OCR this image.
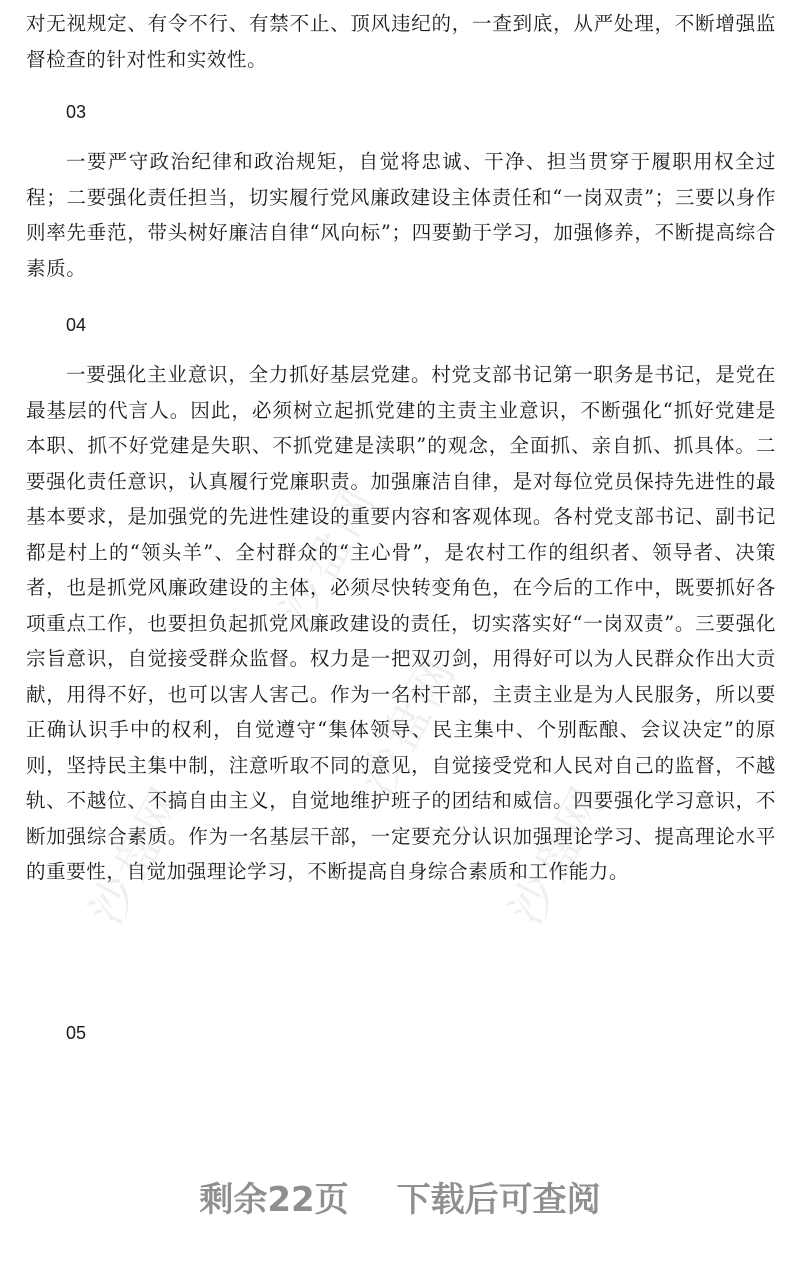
沙盘网
沙盘网	沙盘网
沙盘网

对无视规定、有令不行、有禁不止、顶风违纪的，一查到底，从严处理，不断增强监督检查的针对性和实效性。

03

一要严守政治纪律和政治规矩，自觉将忠诚、干净、担当贯穿于履职用权全过程；二要强化责任担当，切实履行党风廉政建设主体责任和“一岗双责”；三要以身作则率先垂范，带头树好廉洁自律“风向标”；四要勤于学习，加强修养，不断提高综合素质。

04

一要强化主业意识，全力抓好基层党建。村党支部书记第一职务是书记，是党在最基层的代言人。因此，必须树立起抓党建的主责主业意识，不断强化“抓好党建是本职、抓不好党建是失职、不抓党建是渎职”的观念，全面抓、亲自抓、抓具体。二要强化责任意识，认真履行党廉职责。加强廉洁自律，是对每位党员保持先进性的最基本要求，是加强党的先进性建设的重要内容和客观体现。各村党支部书记、副书记都是村上的“领头羊”、全村群众的“主心骨”，是农村工作的组织者、领导者、决策者，也是抓党风廉政建设的主体，必须尽快转变角色，在今后的工作中，既要抓好各项重点工作，也要担负起抓党风廉政建设的责任，切实落实好“一岗双责”。三要强化宗旨意识，自觉接受群众监督。权力是一把双刃剑，用得好可以为人民群众作出大贡献，用得不好，也可以害人害己。作为一名村干部，主责主业是为人民服务，所以要正确认识手中的权利，自觉遵守“集体领导、民主集中、个别酝酿、会议决定”的原则，坚持民主集中制，注意听取不同的意见，自觉接受党和人民对自己的监督，不越轨、不越位、不搞自由主义，自觉地维护班子的团结和威信。四要强化学习意识，不断加强综合素质。作为一名基层干部，一定要充分认识加强理论学习、提高理论水平的重要性，自觉加强理论学习，不断提高自身综合素质和工作能力。

05
剩余22页 下载后可查阅
